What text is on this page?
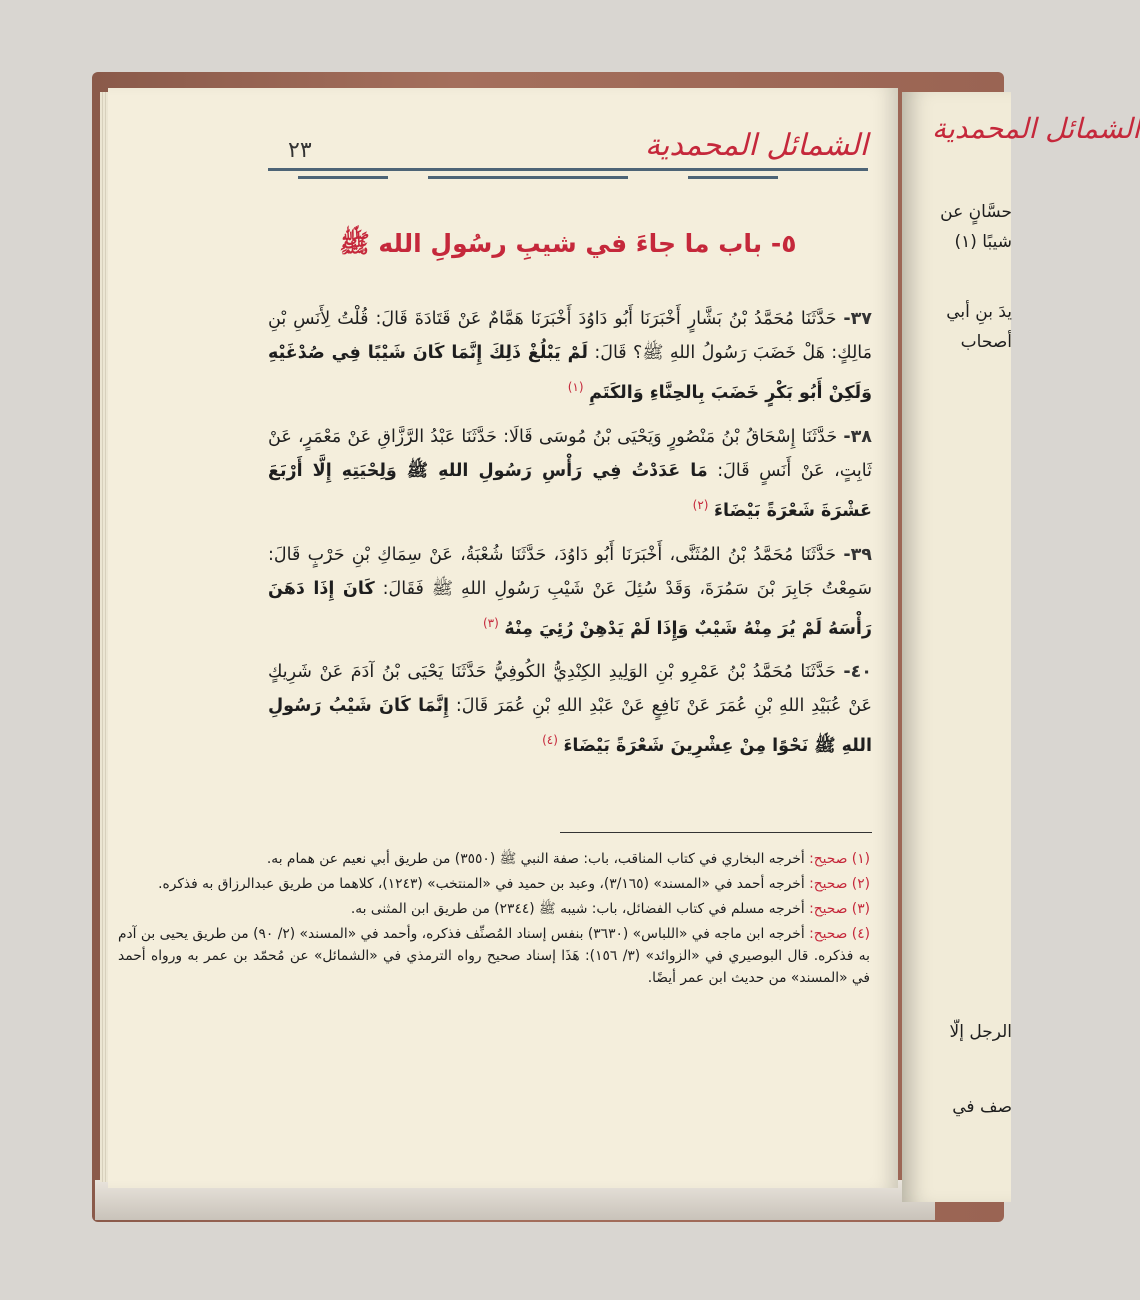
الشمائل المحمدية
٢٣
٥- باب ما جاءَ في شيبِ رسُولِ الله ﷺ

٣٧- حَدَّثَنَا مُحَمَّدُ بْنُ بَشَّارٍ أَخْبَرَنَا أَبُو دَاوُدَ أَخْبَرَنَا هَمَّامٌ عَنْ قَتَادَةَ قَالَ: قُلْتُ لِأَنَسِ بْنِ مَالِكٍ: هَلْ خَضَبَ رَسُولُ اللهِ ﷺ؟ قَالَ: لَمْ يَبْلُغْ ذَلِكَ إِنَّمَا كَانَ شَيْبًا فِي صُدْغَيْهِ وَلَكِنْ أَبُو بَكْرٍ خَضَبَ بِالحِنَّاءِ وَالكَتَمِ $^{(١)}$

٣٨- حَدَّثَنَا إِسْحَاقُ بْنُ مَنْصُورٍ وَيَحْيَى بْنُ مُوسَى قَالَا: حَدَّثَنَا عَبْدُ الرَّزَّاقِ عَنْ مَعْمَرٍ، عَنْ ثَابِتٍ، عَنْ أَنَسٍ قَالَ: مَا عَدَدْتُ فِي رَأْسِ رَسُولِ اللهِ ﷺ وَلِحْيَتِهِ إِلَّا أَرْبَعَ عَشْرَةَ شَعْرَةً بَيْضَاءَ $^{(٢)}$

٣٩- حَدَّثَنَا مُحَمَّدُ بْنُ المُثَنَّى، أَخْبَرَنَا أَبُو دَاوُدَ، حَدَّثَنَا شُعْبَةُ، عَنْ سِمَاكِ بْنِ حَرْبٍ قَالَ: سَمِعْتُ جَابِرَ بْنَ سَمُرَةَ، وَقَدْ سُئِلَ عَنْ شَيْبِ رَسُولِ اللهِ ﷺ فَقَالَ: كَانَ إِذَا دَهَنَ رَأْسَهُ لَمْ يُرَ مِنْهُ شَيْبٌ وَإِذَا لَمْ يَدْهِنْ رُئِيَ مِنْهُ $^{(٣)}$

٤٠- حَدَّثَنَا مُحَمَّدُ بْنُ عَمْرِو بْنِ الوَلِيدِ الكِنْدِيُّ الكُوفِيُّ حَدَّثَنَا يَحْيَى بْنُ آدَمَ عَنْ شَرِيكٍ عَنْ عُبَيْدِ اللهِ بْنِ عُمَرَ عَنْ نَافِعٍ عَنْ عَبْدِ اللهِ بْنِ عُمَرَ قَالَ: إِنَّمَا كَانَ شَيْبُ رَسُولِ اللهِ ﷺ نَحْوًا مِنْ عِشْرِينَ شَعْرَةً بَيْضَاءَ $^{(٤)}$

(١) صحيح: أخرجه البخاري في كتاب المناقب، باب: صفة النبي ﷺ (٣٥٥٠) من طريق أبي نعيم عن همام به.

(٢) صحيح: أخرجه أحمد في «المسند» (٣/١٦٥)، وعبد بن حميد في «المنتخب» (١٢٤٣)، كلاهما من طريق عبدالرزاق به فذكره.

(٣) صحيح: أخرجه مسلم في كتاب الفضائل، باب: شيبه ﷺ (٢٣٤٤) من طريق ابن المثنى به.

(٤) صحيح: أخرجه ابن ماجه في «اللباس» (٣٦٣٠) بنفس إسناد المُصنِّف فذكره، وأحمد في «المسند» (٢/ ٩٠) من طريق يحيى بن آدم به فذكره. قال البوصيري في «الزوائد» (٣/ ١٥٦): هَذَا إسناد صحيح رواه الترمذي في «الشمائل» عن مُحمّد بن عمر به ورواه أحمد في «المسند» من حديث ابن عمر أيضًا.

الشمائل المحمدية
حسَّانٍ عن
شيبًا (١)
يدَ بنِ أبي
أصحاب
الرجل إلّا
صف في
